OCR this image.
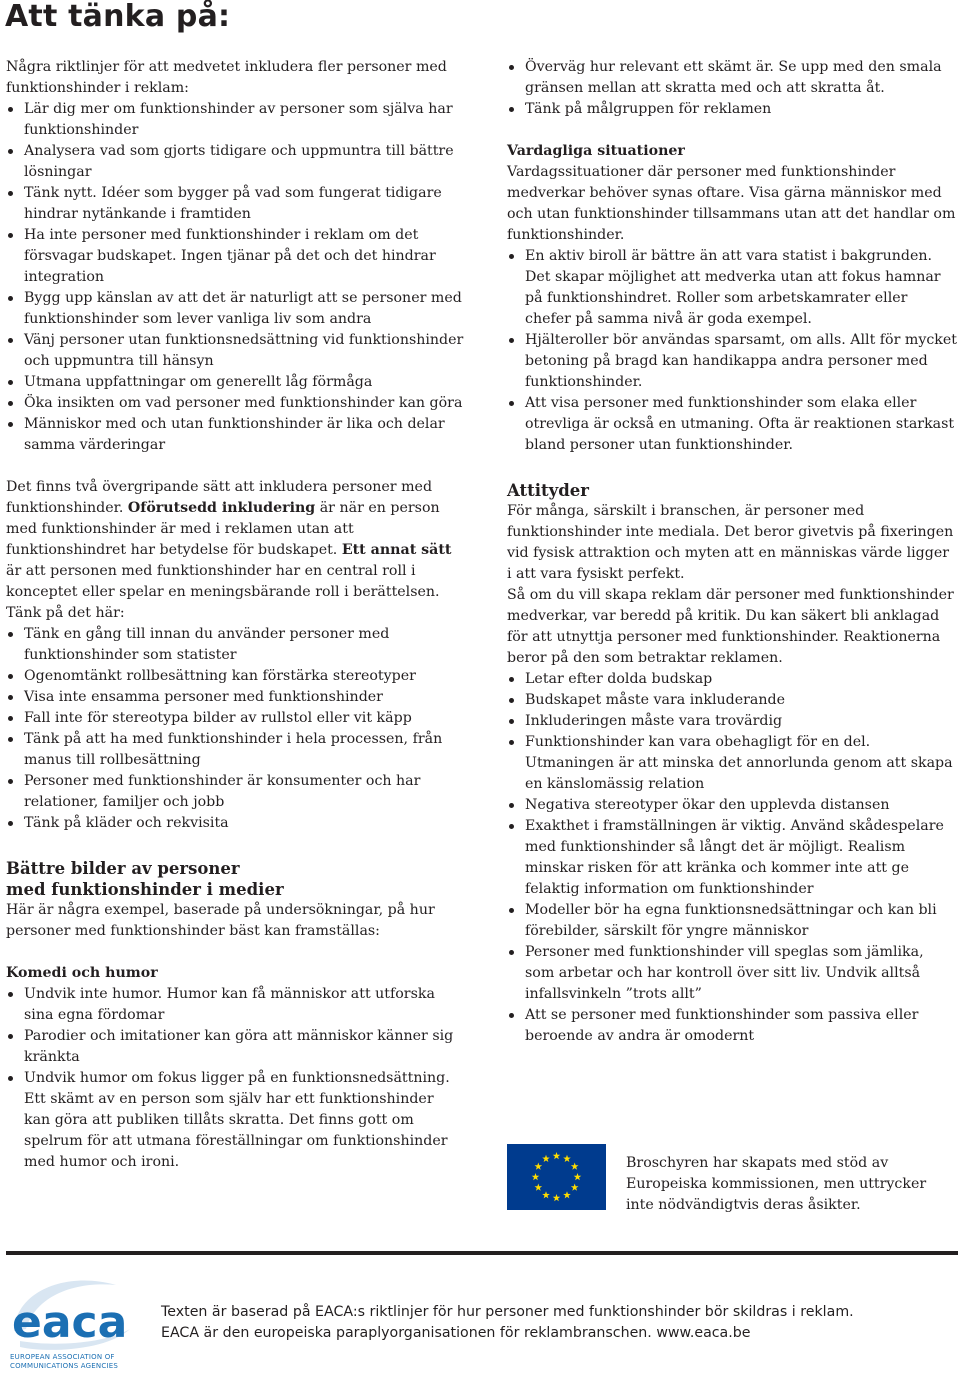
Att tänka på:

Några riktlinjer för att medvetet inkludera fler personer med funktionshinder i reklam:

Lär dig mer om funktionshinder av personer som själva har funktionshinder
Analysera vad som gjorts tidigare och uppmuntra till bättre lösningar
Tänk nytt. Idéer som bygger på vad som fungerat tidigare hindrar nytänkande i framtiden
Ha inte personer med funktionshinder i reklam om det försvagar budskapet. Ingen tjänar på det och det hindrar integration
Bygg upp känslan av att det är naturligt att se personer med funktionshinder som lever vanliga liv som andra
Vänj personer utan funktionsnedsättning vid funktionshinder och uppmuntra till hänsyn
Utmana uppfattningar om generellt låg förmåga
Öka insikten om vad personer med funktionshinder kan göra
Människor med och utan funktionshinder är lika och delar samma värderingar

Det finns två övergripande sätt att inkludera personer med funktionshinder. Oförutsedd inkludering är när en person med funktionshinder är med i reklamen utan att funktionshindret har betydelse för budskapet. Ett annat sätt är att personen med funktionshinder har en central roll i konceptet eller spelar en meningsbärande roll i berättelsen.

Tänk på det här:

Tänk en gång till innan du använder personer med funktionshinder som statister
Ogenomtänkt rollbesättning kan förstärka stereotyper
Visa inte ensamma personer med funktionshinder
Fall inte för stereotypa bilder av rullstol eller vit käpp
Tänk på att ha med funktionshinder i hela processen, från manus till rollbesättning
Personer med funktionshinder är konsumenter och har relationer, familjer och jobb
Tänk på kläder och rekvisita
Bättre bilder av personer
med funktionshinder i medier

Här är några exempel, baserade på undersökningar, på hur personer med funktionshinder bäst kan framställas:

Komedi och humor
Undvik inte humor. Humor kan få människor att utforska sina egna fördomar
Parodier och imitationer kan göra att människor känner sig kränkta
Undvik humor om fokus ligger på en funktionsnedsättning. Ett skämt av en person som själv har ett funktionshinder kan göra att publiken tillåts skratta. Det finns gott om spelrum för att utmana föreställningar om funktionshinder med humor och ironi.
Överväg hur relevant ett skämt är. Se upp med den smala gränsen mellan att skratta med och att skratta åt.
Tänk på målgruppen för reklamen
Vardagliga situationer

Vardagssituationer där personer med funktionshinder medverkar behöver synas oftare. Visa gärna människor med och utan funktionshinder tillsammans utan att det handlar om funktionshinder.

En aktiv biroll är bättre än att vara statist i bakgrunden. Det skapar möjlighet att medverka utan att fokus hamnar på funktionshindret. Roller som arbetskamrater eller chefer på samma nivå är goda exempel.
Hjälteroller bör användas sparsamt, om alls. Allt för mycket betoning på bragd kan handikappa andra personer med funktionshinder.
Att visa personer med funktionshinder som elaka eller otrevliga är också en utmaning. Ofta är reaktionen starkast bland personer utan funktionshinder.
Attityder

För många, särskilt i branschen, är personer med funktionshinder inte mediala. Det beror givetvis på fixeringen vid fysisk attraktion och myten att en människas värde ligger i att vara fysiskt perfekt.

Så om du vill skapa reklam där personer med funktionshinder medverkar, var beredd på kritik. Du kan säkert bli anklagad för att utnyttja personer med funktionshinder. Reaktionerna beror på den som betraktar reklamen.

Letar efter dolda budskap
Budskapet måste vara inkluderande
Inkluderingen måste vara trovärdig
Funktionshinder kan vara obehagligt för en del. Utmaningen är att minska det annorlunda genom att skapa en känslomässig relation
Negativa stereotyper ökar den upplevda distansen
Exakthet i framställningen är viktig. Använd skådespelare med funktionshinder så långt det är möjligt. Realism minskar risken för att kränka och kommer inte att ge felaktig information om funktionshinder
Modeller bör ha egna funktionsnedsättningar och kan bli förebilder, särskilt för yngre människor
Personer med funktionshinder vill speglas som jämlika, som arbetar och har kontroll över sitt liv. Undvik alltså infallsvinkeln ”trots allt”
Att se personer med funktionshinder som passiva eller beroende av andra är omodernt

Broschyren har skapats med stöd av Europeiska kommissionen, men uttrycker inte nödvändigtvis deras åsikter.

eaca
EUROPEAN ASSOCIATION OF COMMUNICATIONS AGENCIES

Texten är baserad på EACA:s riktlinjer för hur personer med funktionshinder bör skildras i reklam.

EACA är den europeiska paraplyorganisationen för reklambranschen. www.eaca.be
